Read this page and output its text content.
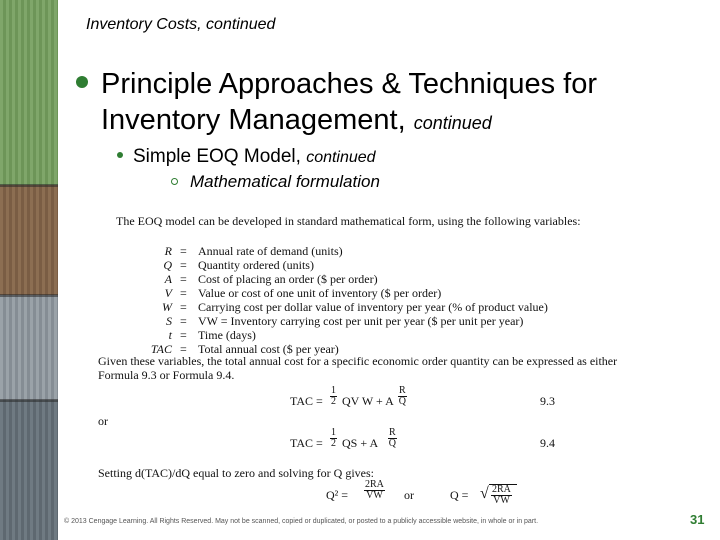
Inventory Costs, continued
Principle Approaches & Techniques for Inventory Management, continued
Simple EOQ Model, continued
Mathematical formulation
The EOQ model can be developed in standard mathematical form, using the following variables:
R = Annual rate of demand (units)
Q = Quantity ordered (units)
A = Cost of placing an order ($ per order)
V = Value or cost of one unit of inventory ($ per order)
W = Carrying cost per dollar value of inventory per year (% of product value)
S = VW = Inventory carrying cost per unit per year ($ per unit per year)
t = Time (days)
TAC = Total annual cost ($ per year)
Given these variables, the total annual cost for a specific economic order quantity can be expressed as either Formula 9.3 or Formula 9.4.
TAC = $\frac{1}{2}$ QV W + A $\frac{R}{Q}$	9.3
or
TAC = $\frac{1}{2}$ QS + A $\frac{R}{Q}$	9.4
Setting d(TAC)/dQ equal to zero and solving for Q gives:
$Q^2 = \frac{2RA}{VW}$ or	Q = √ $\frac{2RA}{VW}$
© 2013 Cengage Learning. All Rights Reserved. May not be scanned, copied or duplicated, or posted to a publicly accessible website, in whole or in part.	31
